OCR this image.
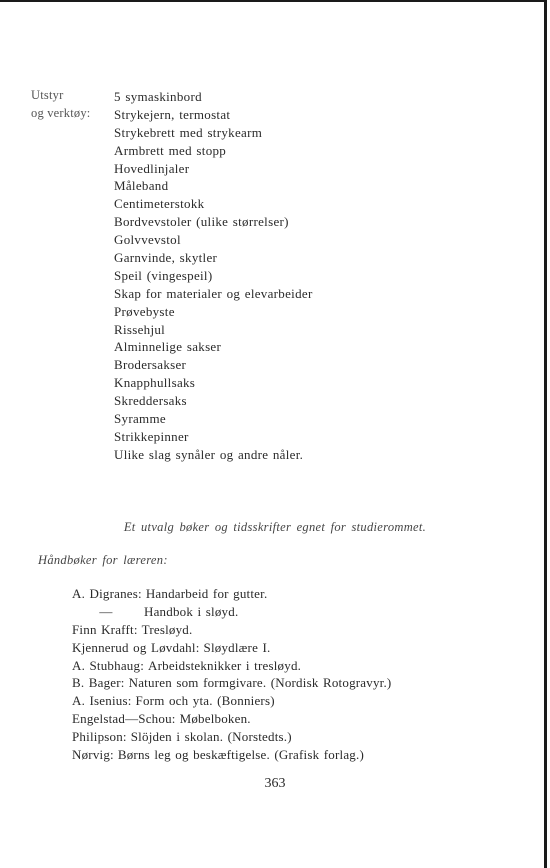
Utstyr
og verktøy:
5 symaskinbord
Strykejern, termostat
Strykebrett med strykearm
Armbrett med stopp
Hovedlinjaler
Måleband
Centimeterstokk
Bordvevstoler (ulike størrelser)
Golvvevstol
Garnvinde, skytler
Speil (vingespeil)
Skap for materialer og elevarbeider
Prøvebyste
Rissehjul
Alminnelige sakser
Brodersakser
Knapphullsaks
Skreddersaks
Syramme
Strikkepinner
Ulike slag synåler og andre nåler.
Et utvalg bøker og tidsskrifter egnet for studierommet.
Håndbøker for læreren:
A. Digranes: Handarbeid for gutter.
— Handbok i sløyd.
Finn Krafft: Tresløyd.
Kjennerud og Løvdahl: Sløydlære I.
A. Stubhaug: Arbeidsteknikker i tresløyd.
B. Bager: Naturen som formgivare. (Nordisk Rotogravyr.)
A. Isenius: Form och yta. (Bonniers)
Engelstad—Schou: Møbelboken.
Philipson: Slöjden i skolan. (Norstedts.)
Nørvig: Børns leg og beskæftigelse. (Grafisk forlag.)
363
